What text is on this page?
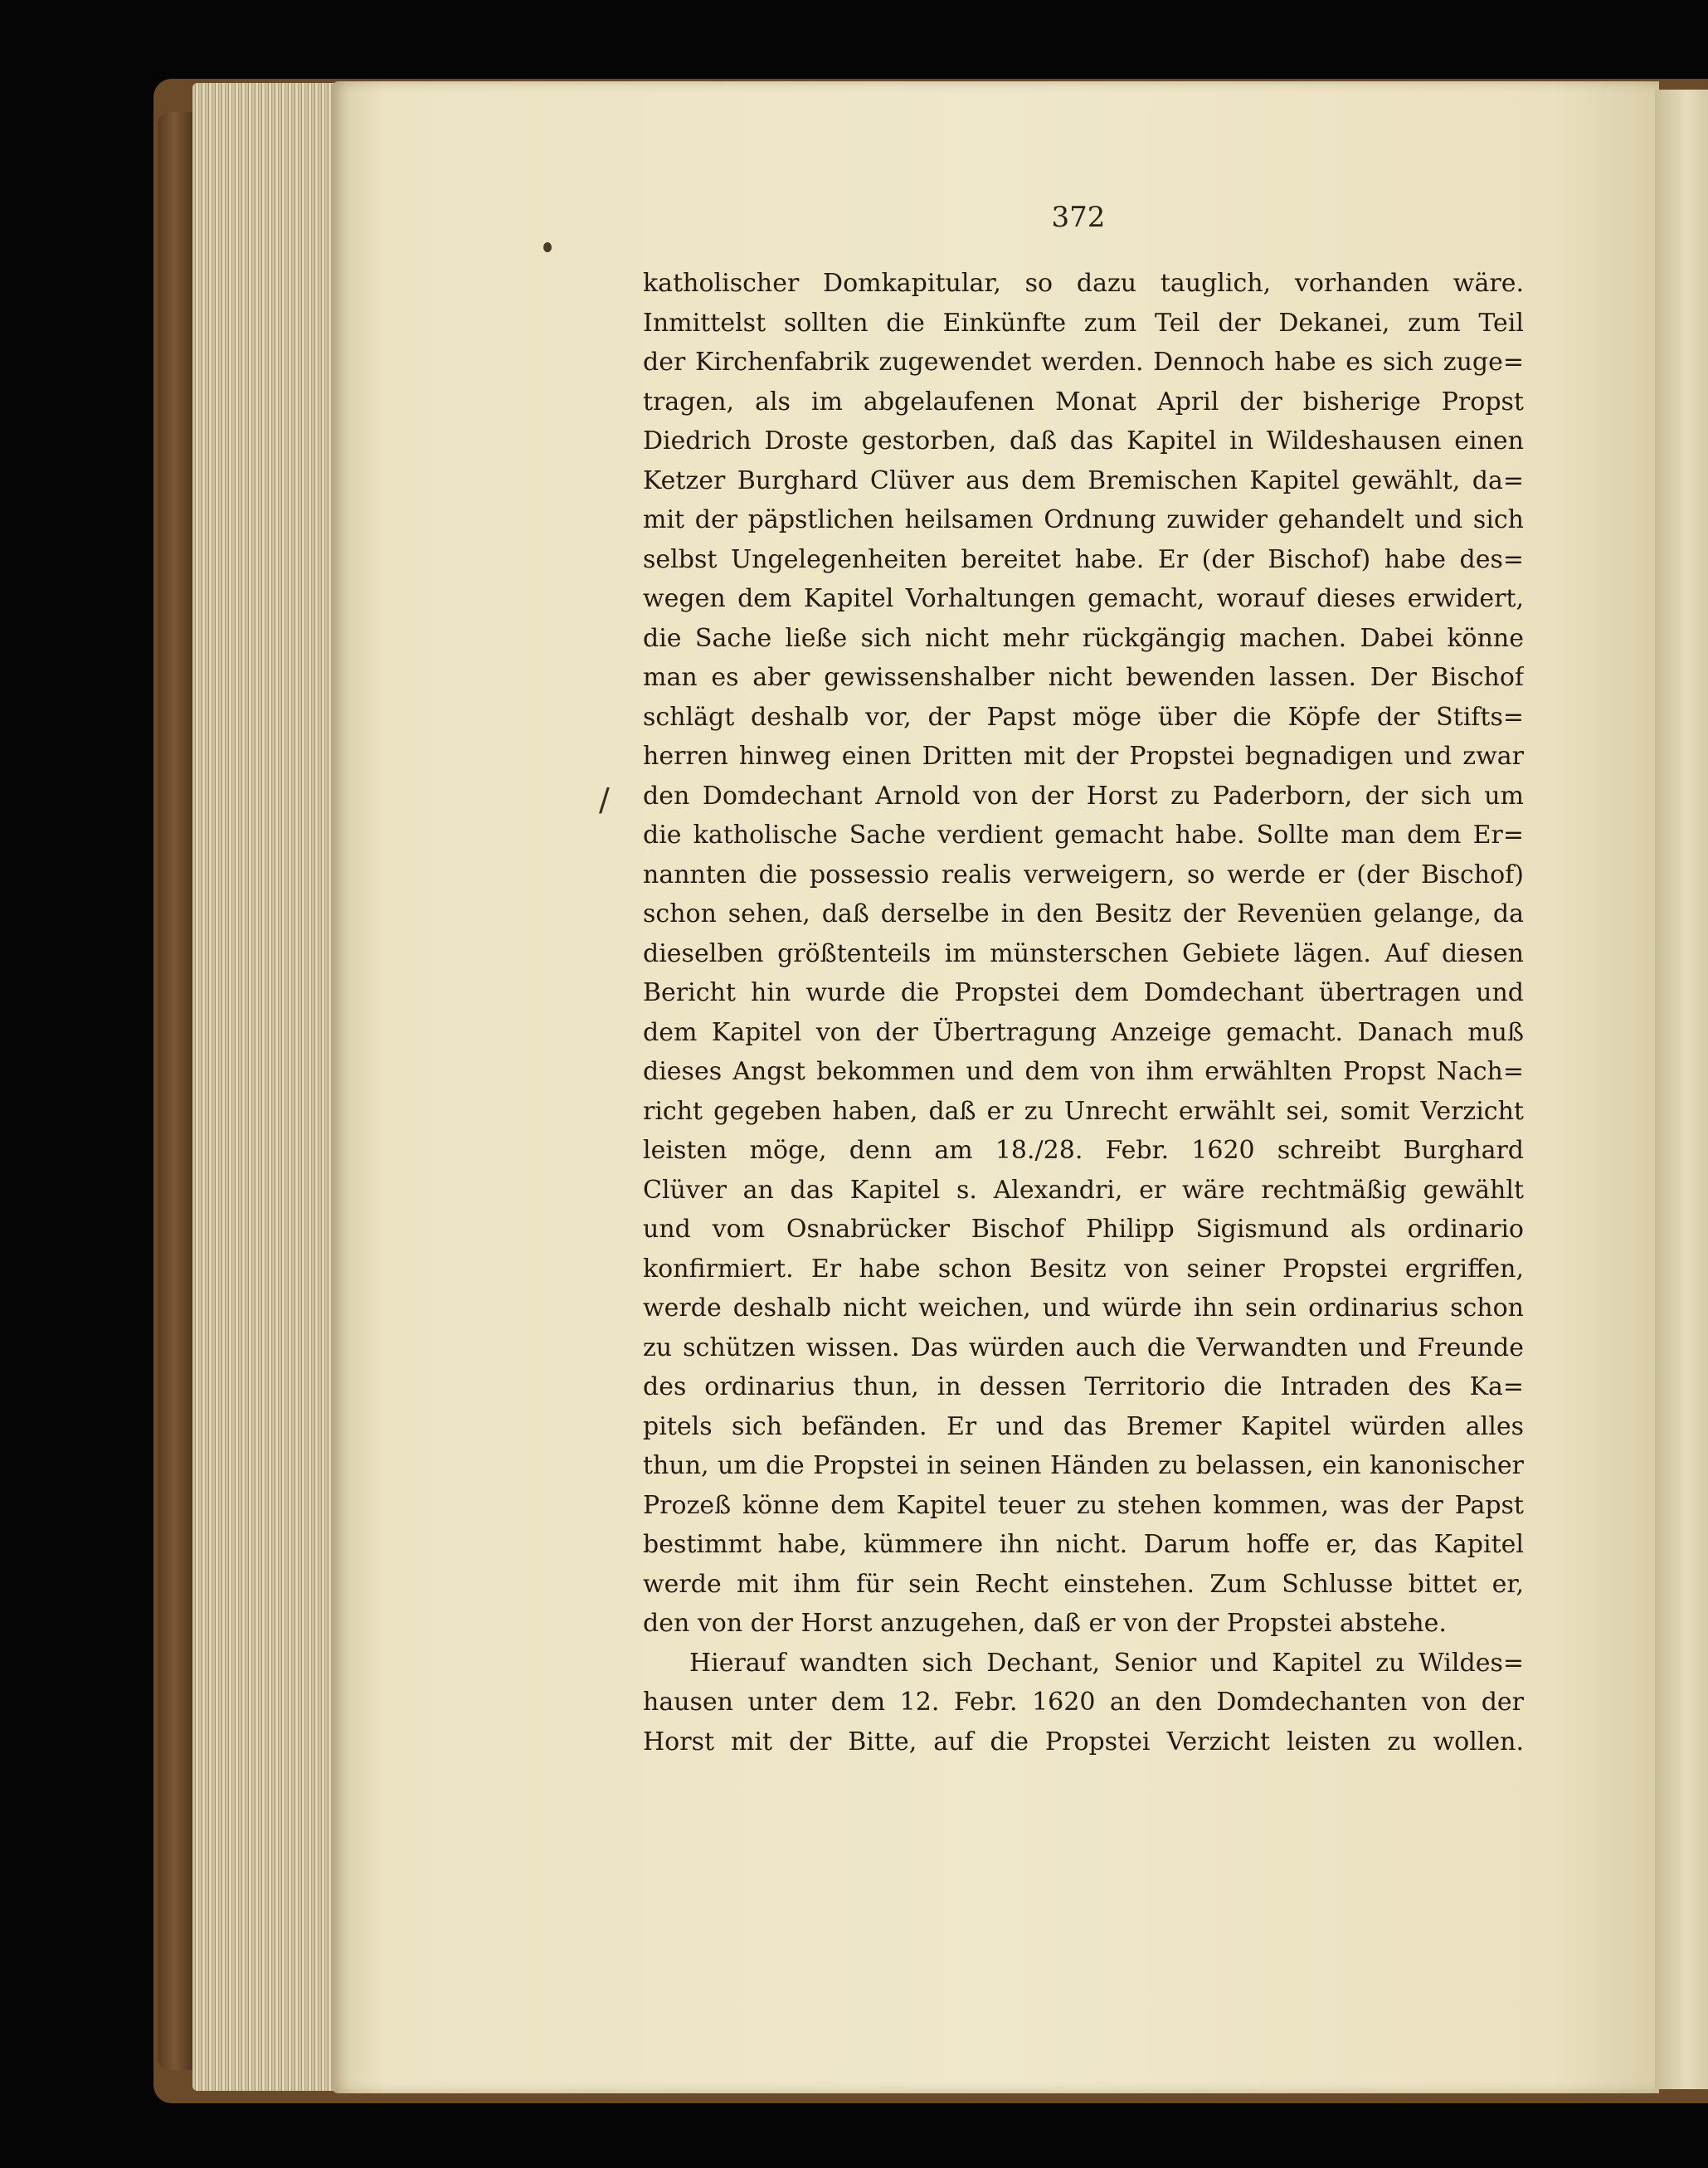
372
/
katholischer Domkapitular, so dazu tauglich, vorhanden wäre.
Inmittelst sollten die Einkünfte zum Teil der Dekanei, zum Teil
der Kirchenfabrik zugewendet werden. Dennoch habe es sich zuge=
tragen, als im abgelaufenen Monat April der bisherige Propst
Diedrich Droste gestorben, daß das Kapitel in Wildeshausen einen
Ketzer Burghard Clüver aus dem Bremischen Kapitel gewählt, da=
mit der päpstlichen heilsamen Ordnung zuwider gehandelt und sich
selbst Ungelegenheiten bereitet habe. Er (der Bischof) habe des=
wegen dem Kapitel Vorhaltungen gemacht, worauf dieses erwidert,
die Sache ließe sich nicht mehr rückgängig machen. Dabei könne
man es aber gewissenshalber nicht bewenden lassen. Der Bischof
schlägt deshalb vor, der Papst möge über die Köpfe der Stifts=
herren hinweg einen Dritten mit der Propstei begnadigen und zwar
den Domdechant Arnold von der Horst zu Paderborn, der sich um
die katholische Sache verdient gemacht habe. Sollte man dem Er=
nannten die possessio realis verweigern, so werde er (der Bischof)
schon sehen, daß derselbe in den Besitz der Revenüen gelange, da
dieselben größtenteils im münsterschen Gebiete lägen. Auf diesen
Bericht hin wurde die Propstei dem Domdechant übertragen und
dem Kapitel von der Übertragung Anzeige gemacht. Danach muß
dieses Angst bekommen und dem von ihm erwählten Propst Nach=
richt gegeben haben, daß er zu Unrecht erwählt sei, somit Verzicht
leisten möge, denn am 18./28. Febr. 1620 schreibt Burghard
Clüver an das Kapitel s. Alexandri, er wäre rechtmäßig gewählt
und vom Osnabrücker Bischof Philipp Sigismund als ordinario
konfirmiert. Er habe schon Besitz von seiner Propstei ergriffen,
werde deshalb nicht weichen, und würde ihn sein ordinarius schon
zu schützen wissen. Das würden auch die Verwandten und Freunde
des ordinarius thun, in dessen Territorio die Intraden des Ka=
pitels sich befänden. Er und das Bremer Kapitel würden alles
thun, um die Propstei in seinen Händen zu belassen, ein kanonischer
Prozeß könne dem Kapitel teuer zu stehen kommen, was der Papst
bestimmt habe, kümmere ihn nicht. Darum hoffe er, das Kapitel
werde mit ihm für sein Recht einstehen. Zum Schlusse bittet er,
den von der Horst anzugehen, daß er von der Propstei abstehe.
Hierauf wandten sich Dechant, Senior und Kapitel zu Wildes=
hausen unter dem 12. Febr. 1620 an den Domdechanten von der
Horst mit der Bitte, auf die Propstei Verzicht leisten zu wollen.
